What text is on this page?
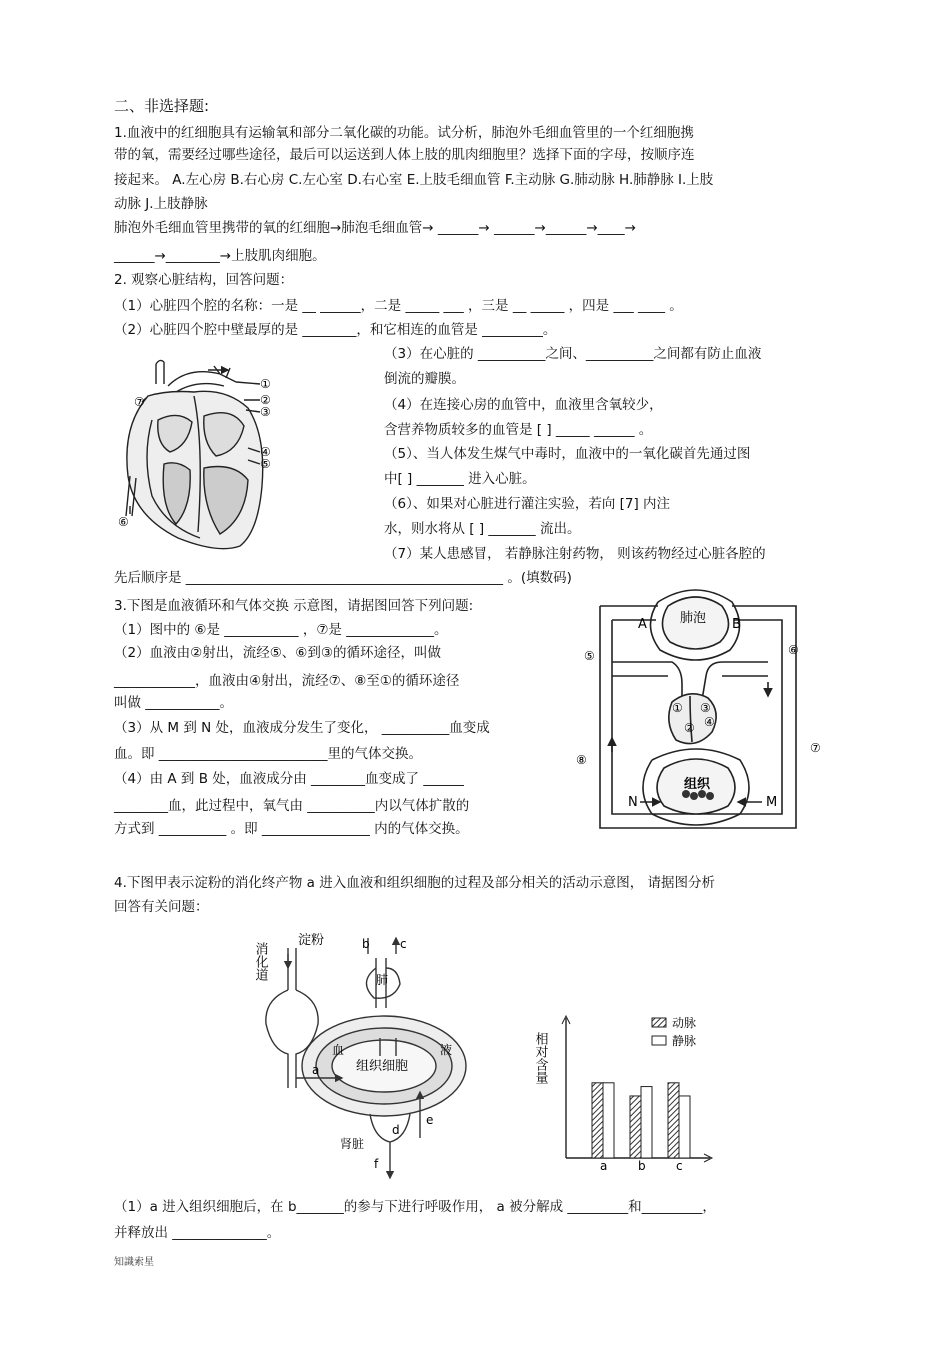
二、非选择题:
1.血液中的红细胞具有运输氧和部分二氧化碳的功能。试分析，肺泡外毛细血管里的一个红细胞携
带的氧，需要经过哪些途径，最后可以运送到人体上肢的肌肉细胞里？选择下面的字母，按顺序连
接起来。 A.左心房 B.右心房 C.左心室 D.右心室 E.上肢毛细血管 F.主动脉 G.肺动脉 H.肺静脉 I.上肢
动脉 J.上肢静脉
肺泡外毛细血管里携带的氧的红细胞→肺泡毛细血管→ ______→ ______→______→____→
______→________→上肢肌肉细胞。
2. 观察心脏结构，回答问题：
（1）心脏四个腔的名称：一是 __ ______，二是 _____ ___ ，三是 __ _____ ，四是 ___ ____ 。
（2）心脏四个腔中壁最厚的是 ________，和它相连的血管是 _________。
（3）在心脏的 __________之间、__________之间都有防止血液
倒流的瓣膜。
（4）在连接心房的血管中，血液里含氧较少，
含营养物质较多的血管是 [ ] _____ ______ 。
（5）、当人体发生煤气中毒时，血液中的一氧化碳首先通过图
中[ ] _______ 进入心脏。
（6）、如果对心脏进行灌注实验，若向 [7] 内注
水，则水将从 [ ] _______ 流出。
（7）某人患感冒， 若静脉注射药物， 则该药物经过心脏各腔的
先后顺序是 _______________________________________________ 。(填数码)
①
②
③
④
⑤
⑥
⑦
3.下图是血液循环和气体交换 示意图，请据图回答下列问题:
（1）图中的 ⑥是 ___________ ，⑦是 _____________。
（2）血液由②射出，流经⑤、⑥到③的循环途径，叫做
____________，血液由④射出，流经⑦、⑧至①的循环途径
叫做 ___________。
（3）从 M 到 N 处，血液成分发生了变化， __________血变成
血。即 _________________________里的气体交换。
（4）由 A 到 B 处，血液成分由 ________血变成了 ______
________血，此过程中，氧气由 __________内以气体扩散的
方式到 __________ 。即 ________________ 内的气体交换。
肺泡
A	B
组织
N	M
①
②
③
④
⑤	⑥
⑦
⑧
4.下图甲表示淀粉的消化终产物 a 进入血液和组织细胞的过程及部分相关的活动示意图， 请据图分析
回答有关问题：
淀粉
消化道	b	c
肺
a
血
组织细胞
液
肾脏
d
e
f
相对含量
动脉
静脉
a	b	c
（1）a 进入组织细胞后，在 b_______的参与下进行呼吸作用， a 被分解成 _________和_________，
并释放出 ______________。
知識索星
